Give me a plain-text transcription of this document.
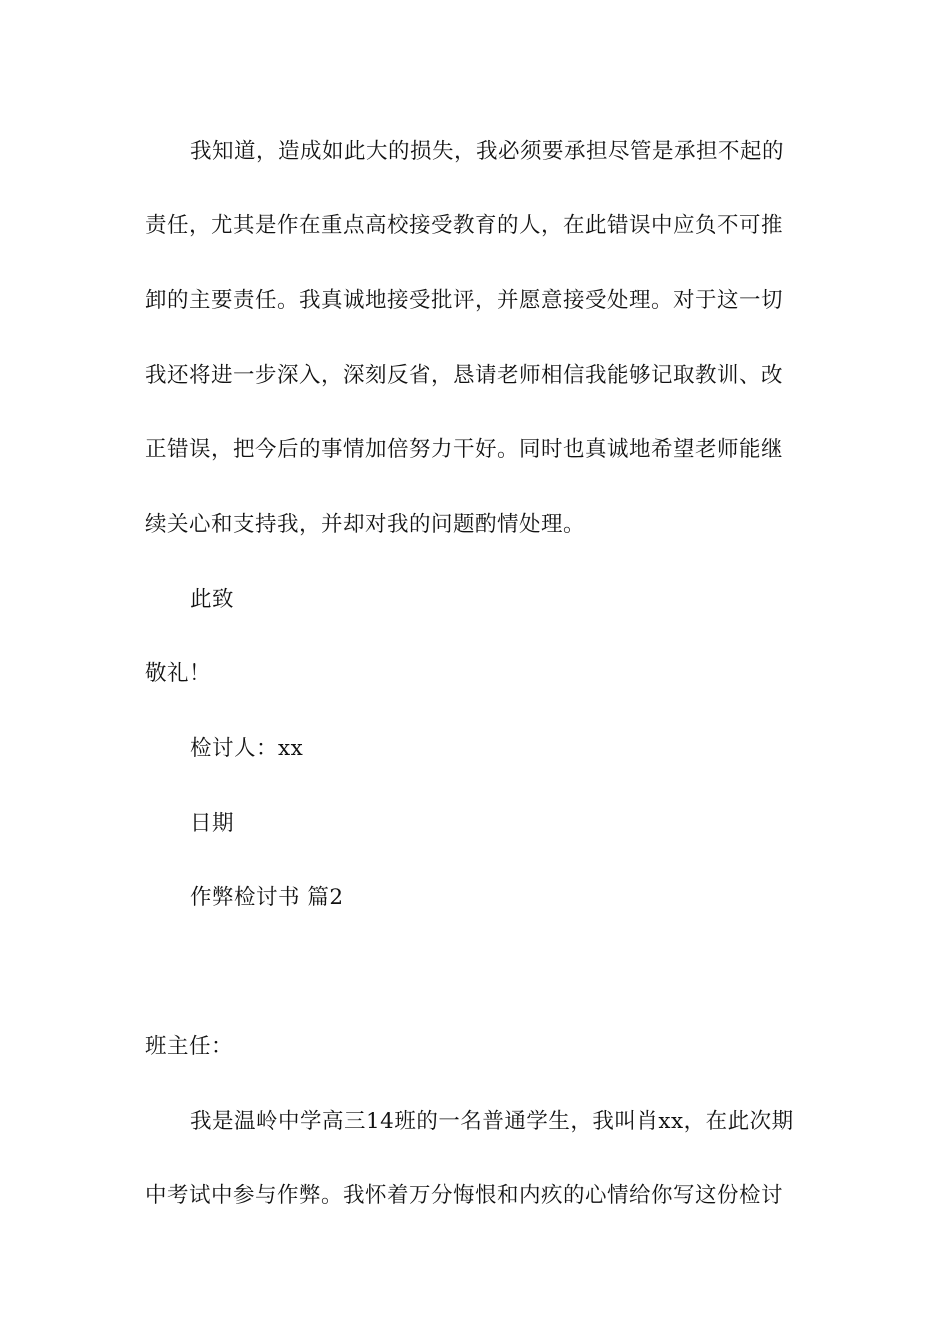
我知道，造成如此大的损失，我必须要承担尽管是承担不起的
责任，尤其是作在重点高校接受教育的人，在此错误中应负不可推
卸的主要责任。我真诚地接受批评，并愿意接受处理。对于这一切
我还将进一步深入，深刻反省，恳请老师相信我能够记取教训、改
正错误，把今后的事情加倍努力干好。同时也真诚地希望老师能继
续关心和支持我，并却对我的问题酌情处理。
此致
敬礼！
检讨人：xx
日期
作弊检讨书 篇2
班主任：
我是温岭中学高三14班的一名普通学生，我叫肖xx，在此次期
中考试中参与作弊。我怀着万分悔恨和内疚的心情给你写这份检讨
